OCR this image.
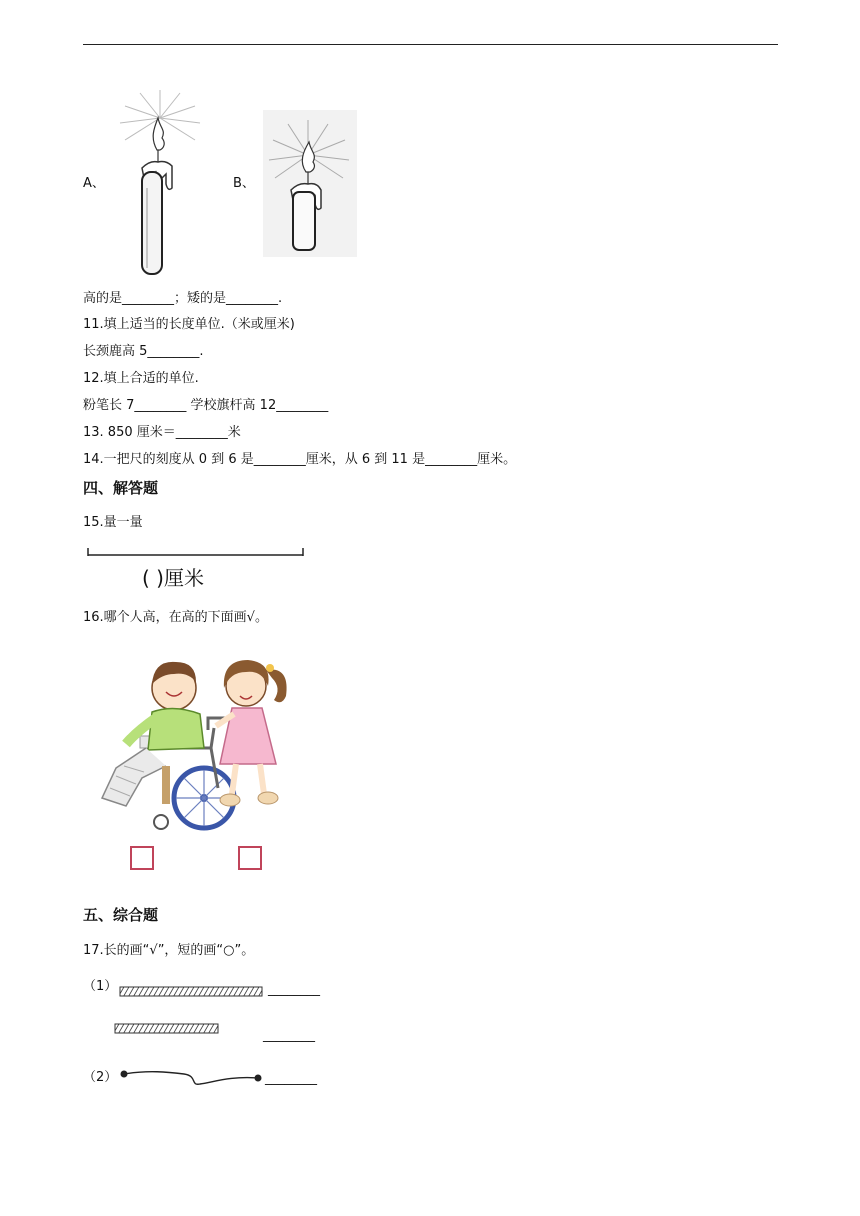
A、	B、
高的是________；矮的是________.
11.填上适当的长度单位.（米或厘米)
长颈鹿高 5________.
12.填上合适的单位.
粉笔长 7________ 学校旗杆高 12________
13. 850 厘米＝________米
14.一把尺的刻度从 0 到 6 是________厘米，从 6 到 11 是________厘米。
四、解答题
15.量一量
( )厘米
16.哪个人高，在高的下面画√。
五、综合题
17.长的画“√”，短的画“○”。
（1）	________
________
（2）	________
